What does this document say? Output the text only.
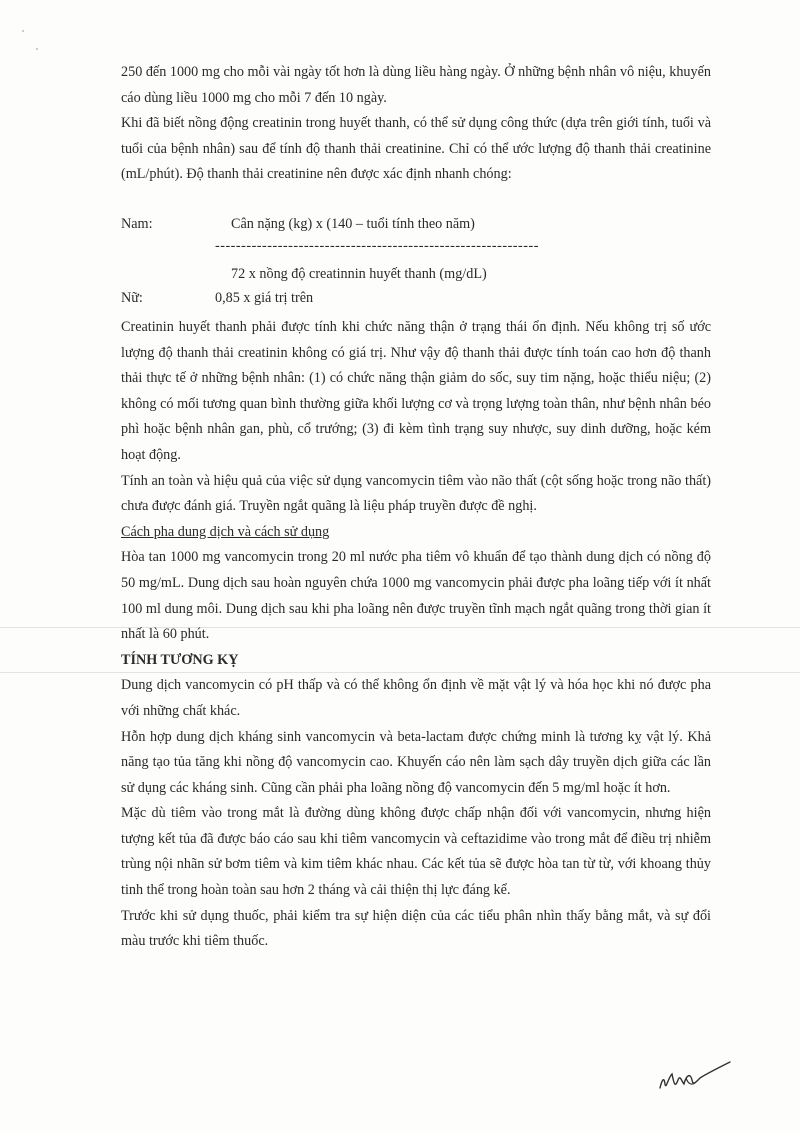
250 đến 1000 mg cho mỗi vài ngày tốt hơn là dùng liều hàng ngày. Ở những bệnh nhân vô niệu, khuyến cáo dùng liều 1000 mg cho mỗi 7 đến 10 ngày.

Khi đã biết nồng động creatinin trong huyết thanh, có thể sử dụng công thức (dựa trên giới tính, tuổi và tuổi của bệnh nhân) sau để tính độ thanh thải creatinine. Chỉ có thể ước lượng độ thanh thải creatinine (mL/phút). Độ thanh thải creatinine nên được xác định nhanh chóng:

Nam:	Cân nặng (kg) x (140 – tuổi tính theo năm)
--------------------------------------------------------------
72 x nồng độ creatinnin huyết thanh (mg/dL)
Nữ:	0,85 x giá trị trên

Creatinin huyết thanh phải được tính khi chức năng thận ở trạng thái ổn định. Nếu không trị số ước lượng độ thanh thải creatinin không có giá trị. Như vậy độ thanh thải được tính toán cao hơn độ thanh thải thực tế ở những bệnh nhân: (1) có chức năng thận giảm do sốc, suy tim nặng, hoặc thiểu niệu; (2) không có mối tương quan bình thường giữa khối lượng cơ và trọng lượng toàn thân, như bệnh nhân béo phì hoặc bệnh nhân gan, phù, cổ trướng; (3) đi kèm tình trạng suy nhược, suy dinh dưỡng, hoặc kém hoạt động.

Tính an toàn và hiệu quả của việc sử dụng vancomycin tiêm vào não thất (cột sống hoặc trong não thất) chưa được đánh giá. Truyền ngắt quãng là liệu pháp truyền được đề nghị.

Cách pha dung dịch và cách sử dụng

Hòa tan 1000 mg vancomycin trong 20 ml nước pha tiêm vô khuẩn để tạo thành dung dịch có nồng độ 50 mg/mL. Dung dịch sau hoàn nguyên chứa 1000 mg vancomycin phải được pha loãng tiếp với ít nhất 100 ml dung môi. Dung dịch sau khi pha loãng nên được truyền tĩnh mạch ngắt quãng trong thời gian ít nhất là 60 phút.

TÍNH TƯƠNG KỴ

Dung dịch vancomycin có pH thấp và có thể không ổn định về mặt vật lý và hóa học khi nó được pha với những chất khác.

Hỗn hợp dung dịch kháng sinh vancomycin và beta-lactam được chứng minh là tương kỵ vật lý. Khả năng tạo tủa tăng khi nồng độ vancomycin cao. Khuyến cáo nên làm sạch dây truyền dịch giữa các lần sử dụng các kháng sinh. Cũng cần phải pha loãng nồng độ vancomycin đến 5 mg/ml hoặc ít hơn.

Mặc dù tiêm vào trong mắt là đường dùng không được chấp nhận đối với vancomycin, nhưng hiện tượng kết tủa đã được báo cáo sau khi tiêm vancomycin và ceftazidime vào trong mắt để điều trị nhiễm trùng nội nhãn sử bơm tiêm và kim tiêm khác nhau. Các kết tủa sẽ được hòa tan từ từ, với khoang thủy tinh thể trong hoàn toàn sau hơn 2 tháng và cải thiện thị lực đáng kể.

Trước khi sử dụng thuốc, phải kiểm tra sự hiện diện của các tiểu phân nhìn thấy bằng mắt, và sự đổi màu trước khi tiêm thuốc.
